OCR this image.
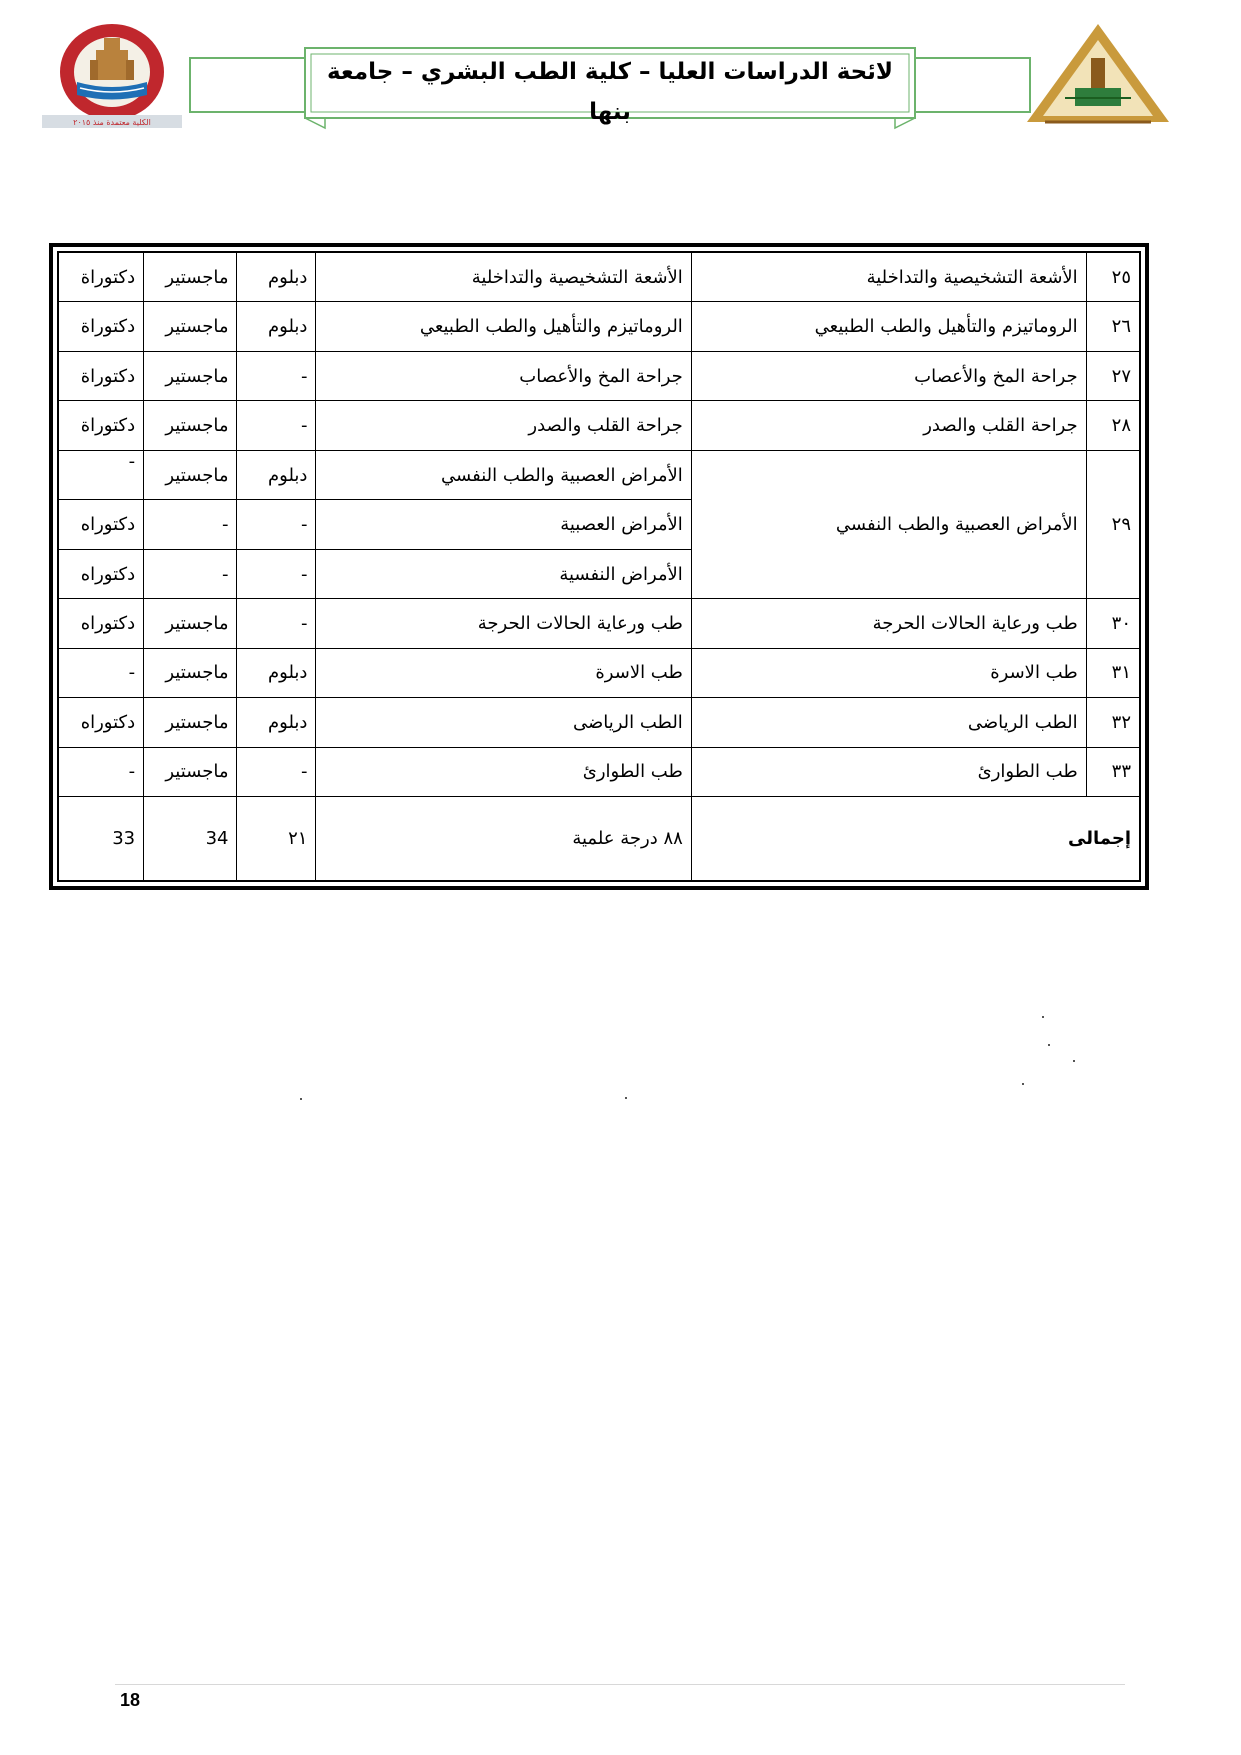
الكلية معتمدة منذ ٢٠١٥
لائحة الدراسات العليا – كلية الطب البشري – جامعة بنها
٢٥	الأشعة التشخيصية والتداخلية	الأشعة التشخيصية والتداخلية	دبلوم	ماجستير	دكتوراة
٢٦	الروماتيزم والتأهيل والطب الطبيعي	الروماتيزم والتأهيل والطب الطبيعي	دبلوم	ماجستير	دكتوراة
٢٧	جراحة المخ والأعصاب	جراحة المخ والأعصاب	-	ماجستير	دكتوراة
٢٨	جراحة القلب والصدر	جراحة القلب والصدر	-	ماجستير	دكتوراة
٢٩	الأمراض العصبية والطب النفسي	الأمراض العصبية والطب النفسي	دبلوم	ماجستير	-
		الأمراض العصبية	-	-	دكتوراه
		الأمراض النفسية	-	-	دكتوراه
٣٠	طب ورعاية الحالات الحرجة	طب ورعاية الحالات الحرجة	-	ماجستير	دكتوراه
٣١	طب الاسرة	طب الاسرة	دبلوم	ماجستير	-
٣٢	الطب الرياضى	الطب الرياضى	دبلوم	ماجستير	دكتوراه
٣٣	طب الطوارئ	طب الطوارئ	-	ماجستير	-
إجمالى		٨٨ درجة علمية	٢١	34	33
18
